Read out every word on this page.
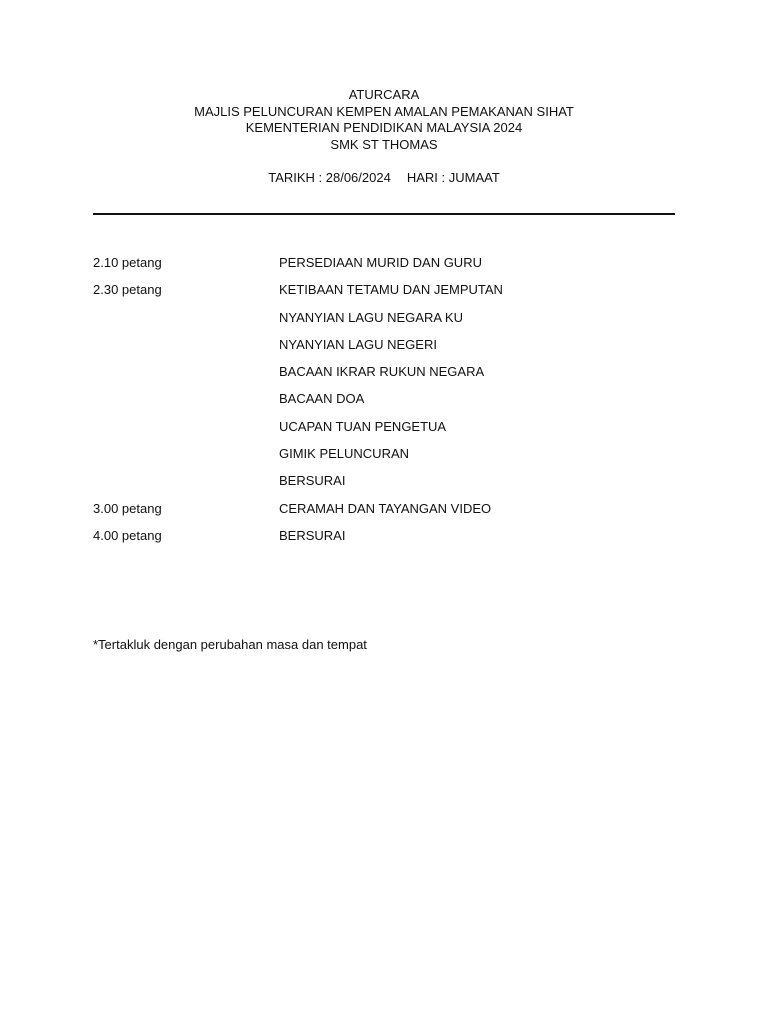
ATURCARA
MAJLIS PELUNCURAN KEMPEN AMALAN PEMAKANAN SIHAT
KEMENTERIAN PENDIDIKAN MALAYSIA 2024
SMK ST THOMAS
TARIKH : 28/06/2024 HARI : JUMAAT
2.10 petang	PERSEDIAAN MURID DAN GURU
2.30 petang	KETIBAAN TETAMU DAN JEMPUTAN
NYANYIAN LAGU NEGARA KU
NYANYIAN LAGU NEGERI
BACAAN IKRAR RUKUN NEGARA
BACAAN DOA
UCAPAN TUAN PENGETUA
GIMIK PELUNCURAN
BERSURAI
3.00 petang	CERAMAH DAN TAYANGAN VIDEO
4.00 petang	BERSURAI
*Tertakluk dengan perubahan masa dan tempat
